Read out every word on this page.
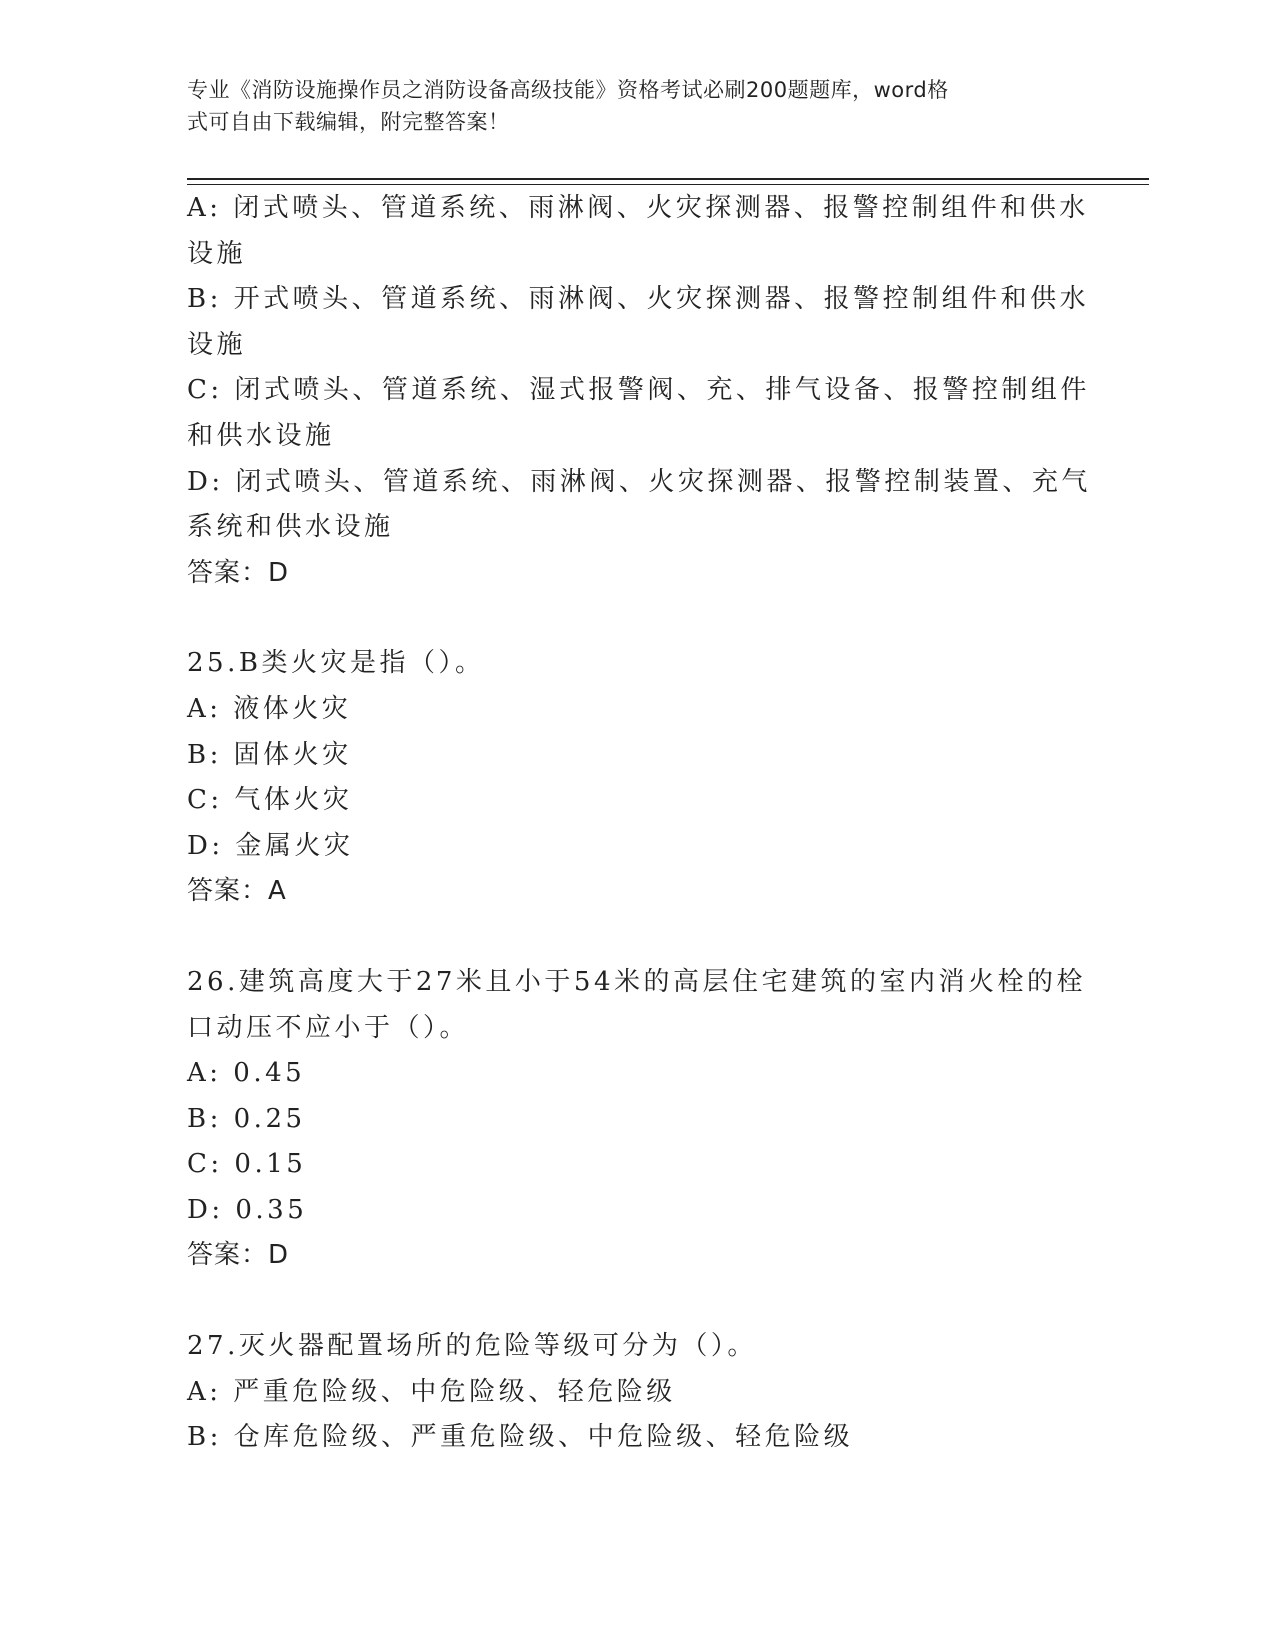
专业《消防设施操作员之消防设备高级技能》资格考试必刷200题题库，word格
式可自由下载编辑，附完整答案！
A: 闭式喷头、管道系统、雨淋阀、火灾探测器、报警控制组件和供水
设施
B: 开式喷头、管道系统、雨淋阀、火灾探测器、报警控制组件和供水
设施
C: 闭式喷头、管道系统、湿式报警阀、充、排气设备、报警控制组件
和供水设施
D: 闭式喷头、管道系统、雨淋阀、火灾探测器、报警控制装置、充气
系统和供水设施
答案：D
25.B类火灾是指（）。
A: 液体火灾
B: 固体火灾
C: 气体火灾
D: 金属火灾
答案：A
26.建筑高度大于27米且小于54米的高层住宅建筑的室内消火栓的栓
口动压不应小于（）。
A: 0.45
B: 0.25
C: 0.15
D: 0.35
答案：D
27.灭火器配置场所的危险等级可分为（）。
A: 严重危险级、中危险级、轻危险级
B: 仓库危险级、严重危险级、中危险级、轻危险级
